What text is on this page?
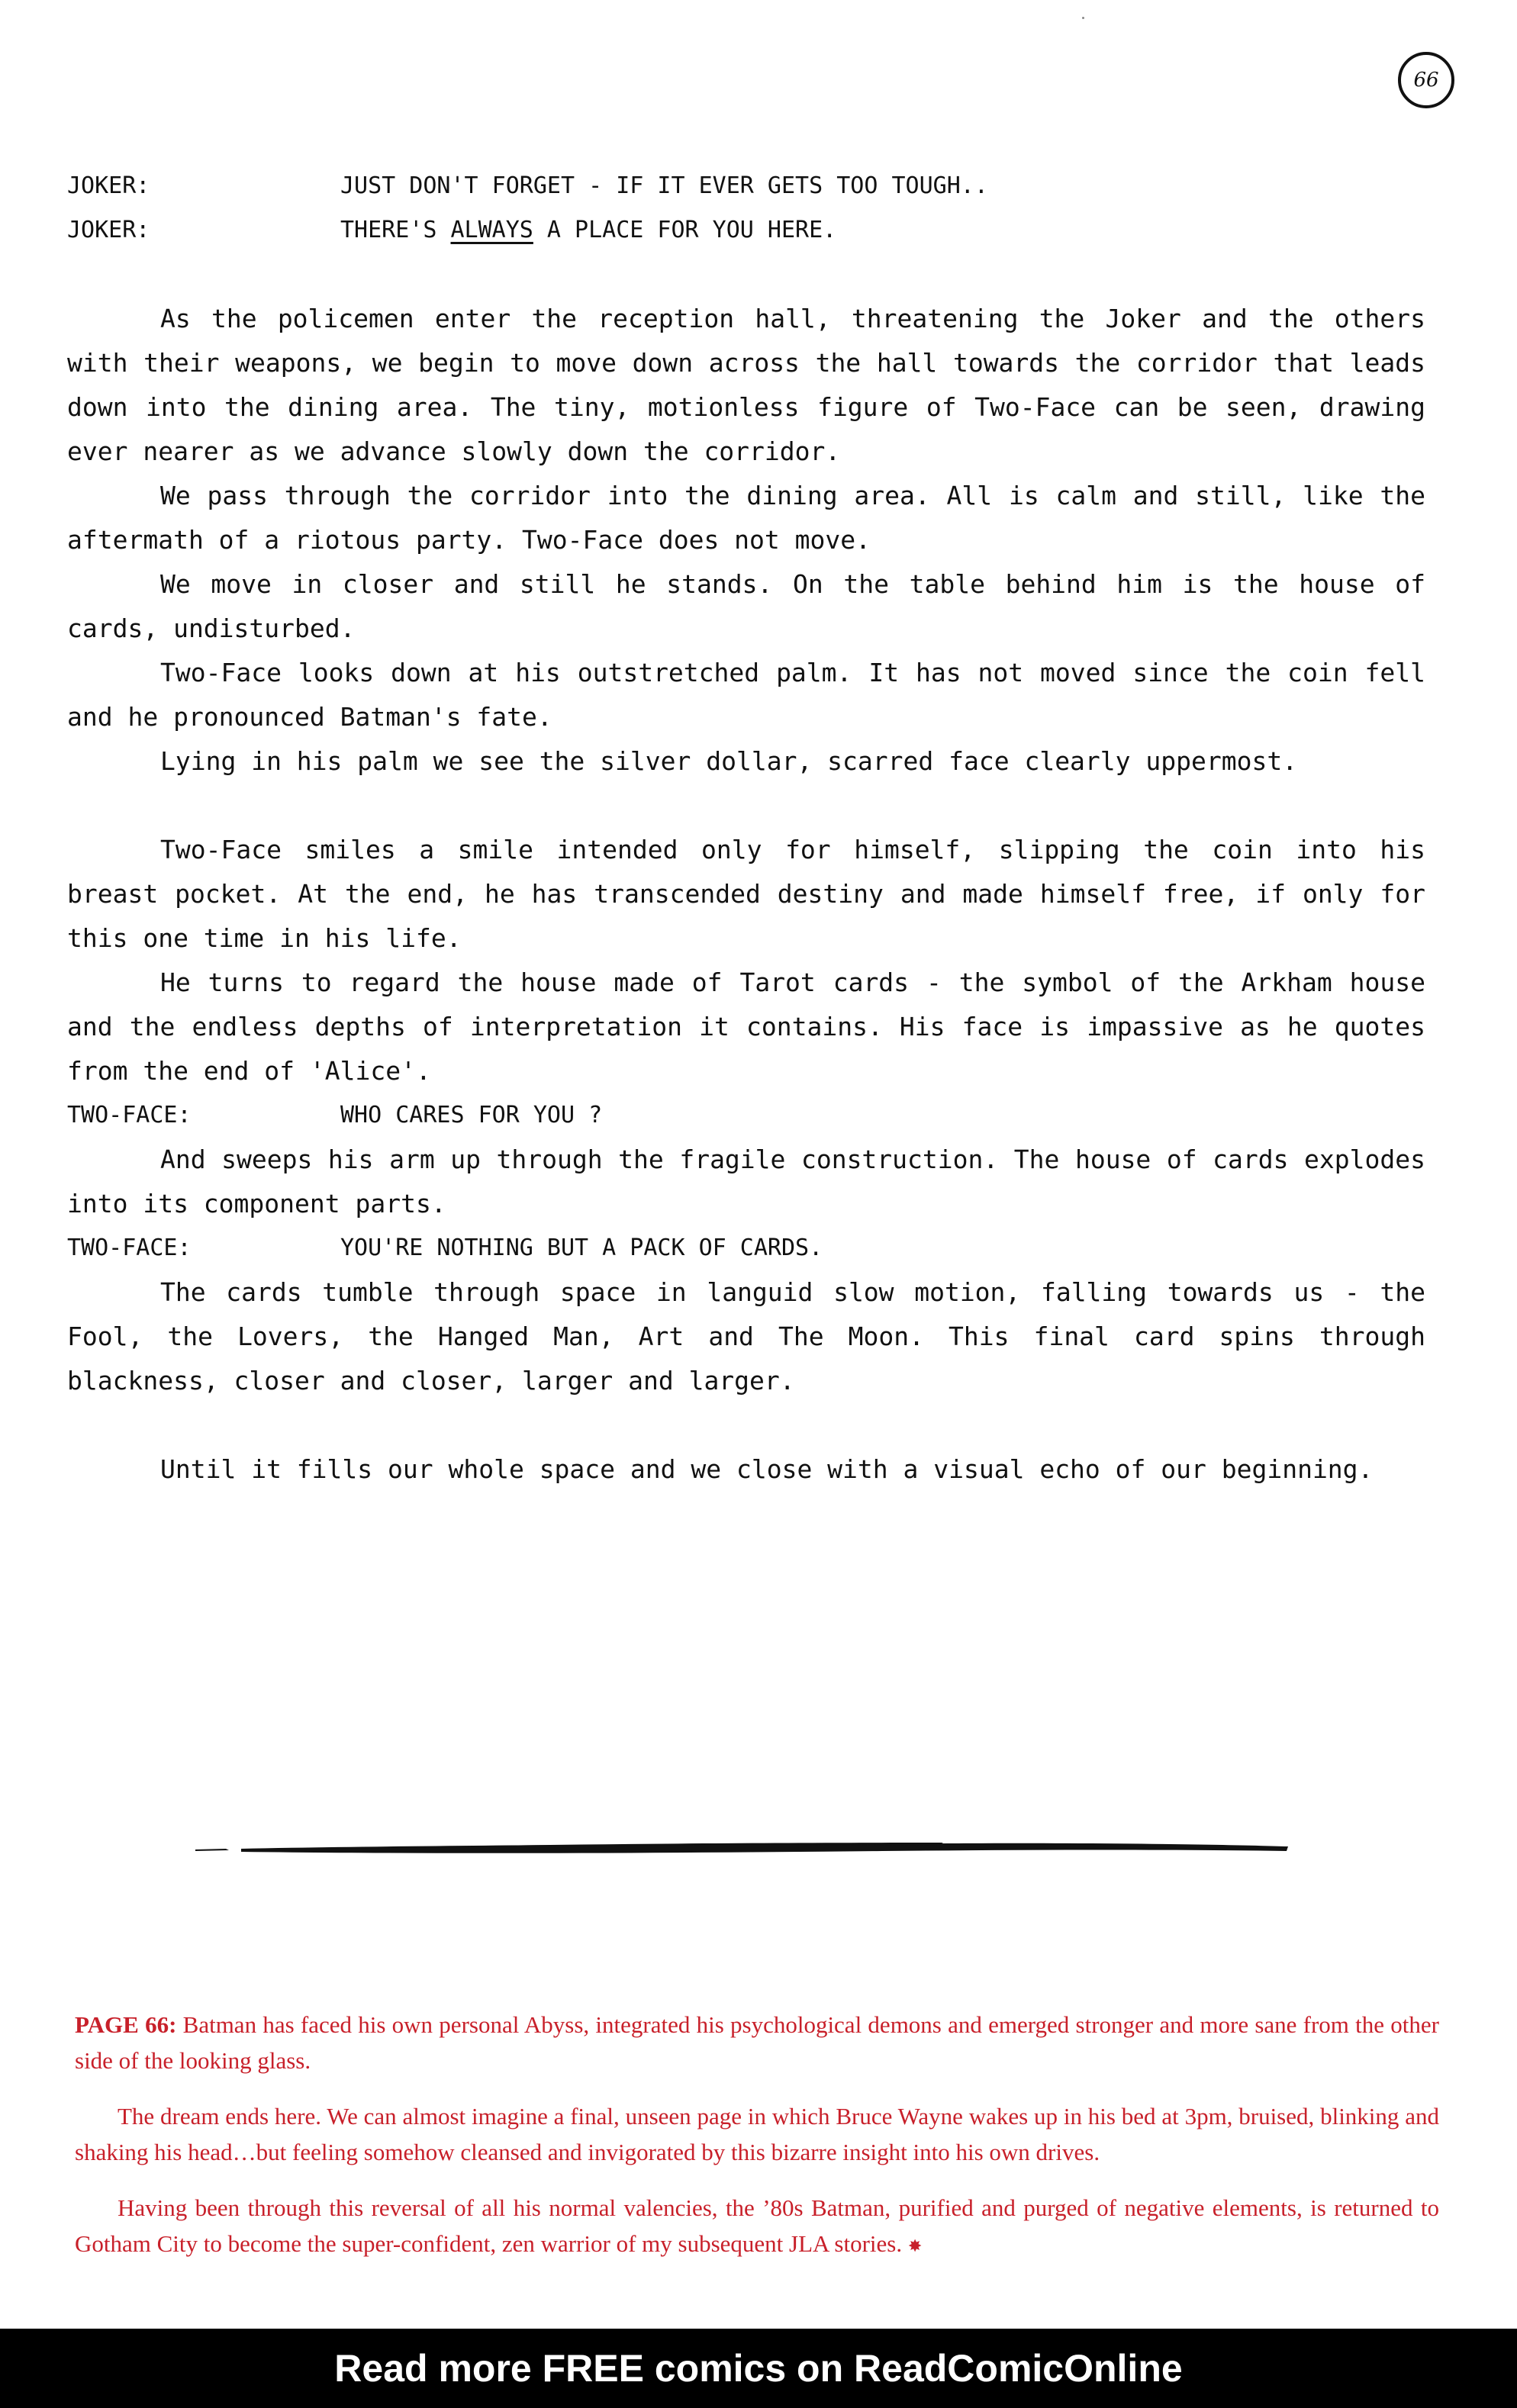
66
JOKER:	JUST DON'T FORGET - IF IT EVER GETS TOO TOUGH..
JOKER:	THERE'S ALWAYS A PLACE FOR YOU HERE.

As the policemen enter the reception hall, threatening the Joker and the others with their weapons, we begin to move down across the hall towards the corridor that leads down into the dining area. The tiny, motionless figure of Two-Face can be seen, drawing ever nearer as we advance slowly down the corridor.

We pass through the corridor into the dining area. All is calm and still, like the aftermath of a riotous party. Two-Face does not move.

We move in closer and still he stands. On the table behind him is the house of cards, undisturbed.

Two-Face looks down at his outstretched palm. It has not moved since the coin fell and he pronounced Batman's fate.

Lying in his palm we see the silver dollar, scarred face clearly uppermost.

Two-Face smiles a smile intended only for himself, slipping the coin into his breast pocket. At the end, he has transcended destiny and made himself free, if only for this one time in his life.

He turns to regard the house made of Tarot cards - the symbol of the Arkham house and the endless depths of interpretation it contains. His face is impassive as he quotes from the end of 'Alice'.

TWO-FACE:	WHO CARES FOR YOU ?

And sweeps his arm up through the fragile construction. The house of cards explodes into its component parts.

TWO-FACE:	YOU'RE NOTHING BUT A PACK OF CARDS.

The cards tumble through space in languid slow motion, falling towards us - the Fool, the Lovers, the Hanged Man, Art and The Moon. This final card spins through blackness, closer and closer, larger and larger.

Until it fills our whole space and we close with a visual echo of our beginning.

PAGE 66: Batman has faced his own personal Abyss, integrated his psychological demons and emerged stronger and more sane from the other side of the looking glass.

The dream ends here. We can almost imagine a final, unseen page in which Bruce Wayne wakes up in his bed at 3pm, bruised, blinking and shaking his head…but feeling somehow cleansed and invigorated by this bizarre insight into his own drives.

Having been through this reversal of all his normal valencies, the ’80s Batman, purified and purged of negative elements, is returned to Gotham City to become the super-confident, zen warrior of my subsequent JLA stories. ✸

Read more FREE comics on ReadComicOnline
